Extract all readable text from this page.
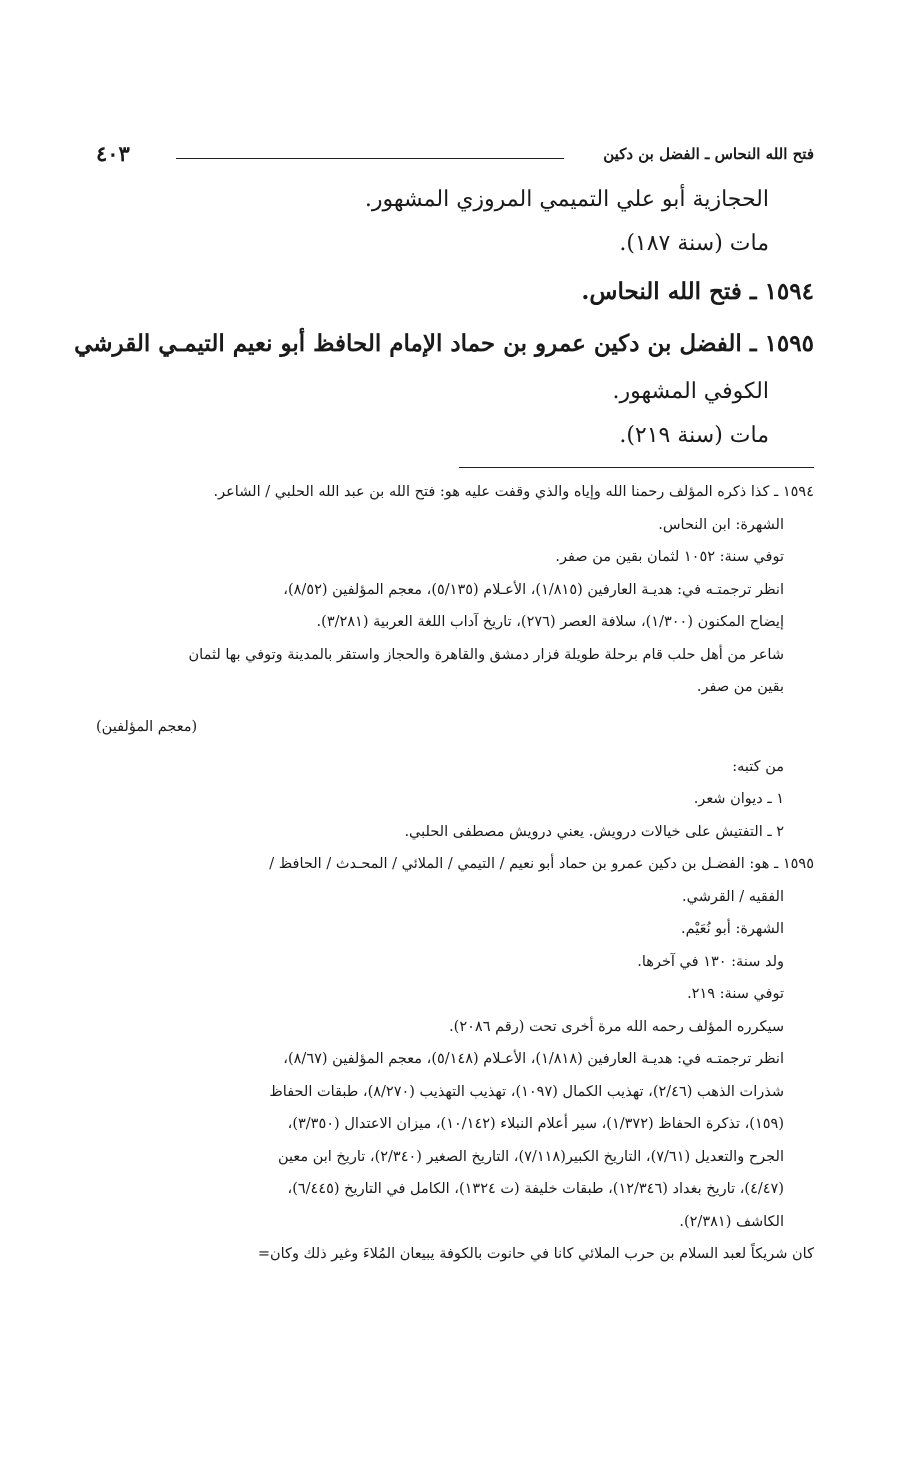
فتح الله النحاس ـ الفضل بن دكين
٤٠٣
الحجازية أبو علي التميمي المروزي المشهور.
مات (سنة ١٨٧).
١٥٩٤ ـ فتح الله النحاس.
١٥٩٥ ـ الفضل بن دكين عمرو بن حماد الإمام الحافظ أبو نعيم التيمـي القرشي
الكوفي المشهور.
مات (سنة ٢١٩).
١٥٩٤ ـ كذا ذكره المؤلف رحمنا الله وإياه والذي وقفت عليه هو: فتح الله بن عبد الله الحلبي / الشاعر.
الشهرة: ابن النحاس.
توفي سنة: ١٠٥٢ لثمان بقين من صفر.
انظر ترجمتـه في: هديـة العارفين (١/٨١٥)، الأعـلام (٥/١٣٥)، معجم المؤلفين (٨/٥٢)،
إيضاح المكنون (١/٣٠٠)، سلافة العصر (٢٧٦)، تاريخ آداب اللغة العربية (٣/٢٨١).
شاعر من أهل حلب قام برحلة طويلة فزار دمشق والقاهرة والحجاز واستقر بالمدينة وتوفي بها لثمان
بقين من صفر.
(معجم المؤلفين)
من كتبه:
١ ـ ديوان شعر.
٢ ـ التفتيش على خيالات درويش. يعني درويش مصطفى الحلبي.
١٥٩٥ ـ هو: الفضـل بن دكين عمرو بن حماد أبو نعيم / التيمي / الملائي / المحـدث / الحافظ /
الفقيه / القرشي.
الشهرة: أبو نُعَيْم.
ولد سنة: ١٣٠ في آخرها.
توفي سنة: ٢١٩.
سيكرره المؤلف رحمه الله مرة أخرى تحت (رقم ٢٠٨٦).
انظر ترجمتـه في: هديـة العارفين (١/٨١٨)، الأعـلام (٥/١٤٨)، معجم المؤلفين (٨/٦٧)،
شذرات الذهب (٢/٤٦)، تهذيب الكمال (١٠٩٧)، تهذيب التهذيب (٨/٢٧٠)، طبقات الحفاظ
(١٥٩)، تذكرة الحفاظ (١/٣٧٢)، سير أعلام النبلاء (١٠/١٤٢)، ميزان الاعتدال (٣/٣٥٠)،
الجرح والتعديل (٧/٦١)، التاريخ الكبير(٧/١١٨)، التاريخ الصغير (٢/٣٤٠)، تاريخ ابن معين
(٤/٤٧)، تاريخ بغداد (١٢/٣٤٦)، طبقات خليفة (ت ١٣٢٤)، الكامل في التاريخ (٦/٤٤٥)،
الكاشف (٢/٣٨١).
كان شريكاً لعبد السلام بن حرب الملائي كانا في حانوت بالكوفة يبيعان المُلاءَ وغير ذلك وكان=
